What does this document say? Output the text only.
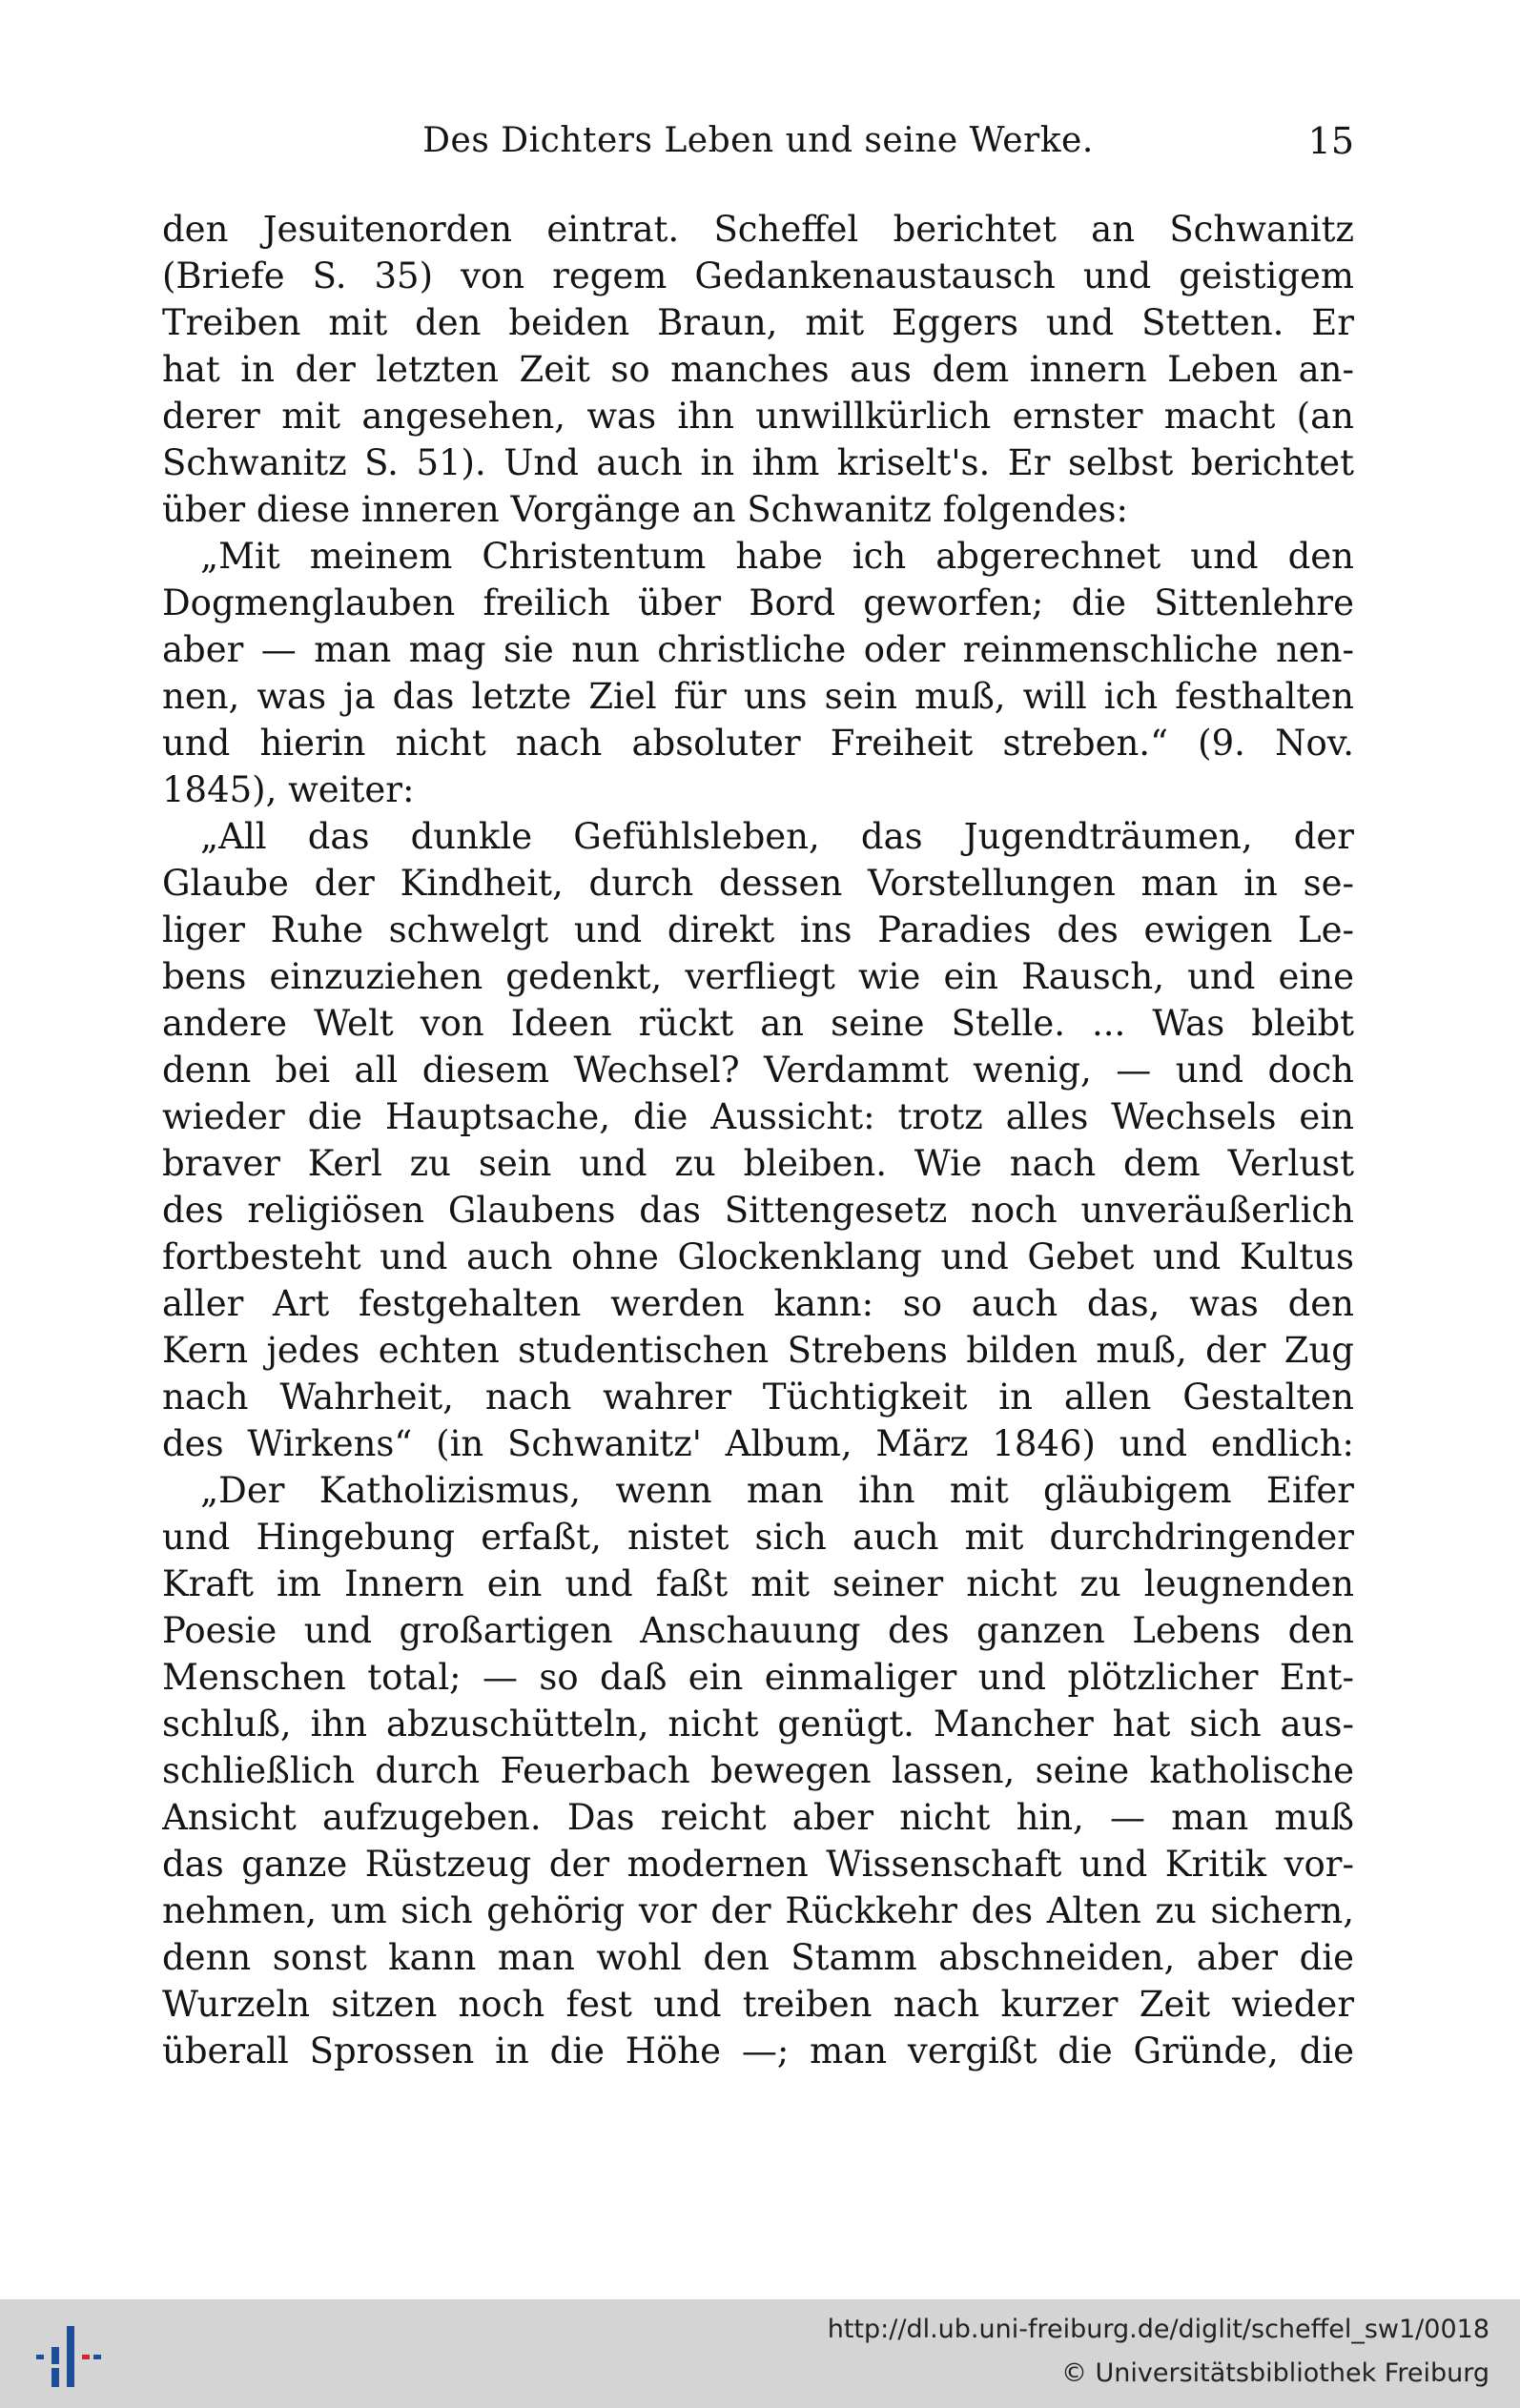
Des Dichters Leben und seine Werke.	15
den Jesuitenorden eintrat. Scheffel berichtet an Schwanitz
(Briefe S. 35) von regem Gedankenaustausch und geistigem
Treiben mit den beiden Braun, mit Eggers und Stetten. Er
hat in der letzten Zeit so manches aus dem innern Leben an-
derer mit angesehen, was ihn unwillkürlich ernster macht (an
Schwanitz S. 51). Und auch in ihm kriselt's. Er selbst berichtet
über diese inneren Vorgänge an Schwanitz folgendes:
„Mit meinem Christentum habe ich abgerechnet und den
Dogmenglauben freilich über Bord geworfen; die Sittenlehre
aber — man mag sie nun christliche oder reinmenschliche nen-
nen, was ja das letzte Ziel für uns sein muß, will ich festhalten
und hierin nicht nach absoluter Freiheit streben.“ (9. Nov.
1845), weiter:
„All das dunkle Gefühlsleben, das Jugendträumen, der
Glaube der Kindheit, durch dessen Vorstellungen man in se-
liger Ruhe schwelgt und direkt ins Paradies des ewigen Le-
bens einzuziehen gedenkt, verfliegt wie ein Rausch, und eine
andere Welt von Ideen rückt an seine Stelle. ... Was bleibt
denn bei all diesem Wechsel? Verdammt wenig, — und doch
wieder die Hauptsache, die Aussicht: trotz alles Wechsels ein
braver Kerl zu sein und zu bleiben. Wie nach dem Verlust
des religiösen Glaubens das Sittengesetz noch unveräußerlich
fortbesteht und auch ohne Glockenklang und Gebet und Kultus
aller Art festgehalten werden kann: so auch das, was den
Kern jedes echten studentischen Strebens bilden muß, der Zug
nach Wahrheit, nach wahrer Tüchtigkeit in allen Gestalten
des Wirkens“ (in Schwanitz' Album, März 1846) und endlich:
„Der Katholizismus, wenn man ihn mit gläubigem Eifer
und Hingebung erfaßt, nistet sich auch mit durchdringender
Kraft im Innern ein und faßt mit seiner nicht zu leugnenden
Poesie und großartigen Anschauung des ganzen Lebens den
Menschen total; — so daß ein einmaliger und plötzlicher Ent-
schluß, ihn abzuschütteln, nicht genügt. Mancher hat sich aus-
schließlich durch Feuerbach bewegen lassen, seine katholische
Ansicht aufzugeben. Das reicht aber nicht hin, — man muß
das ganze Rüstzeug der modernen Wissenschaft und Kritik vor-
nehmen, um sich gehörig vor der Rückkehr des Alten zu sichern,
denn sonst kann man wohl den Stamm abschneiden, aber die
Wurzeln sitzen noch fest und treiben nach kurzer Zeit wieder
überall Sprossen in die Höhe —; man vergißt die Gründe, die
http://dl.ub.uni-freiburg.de/diglit/scheffel_sw1/0018
© Universitätsbibliothek Freiburg
